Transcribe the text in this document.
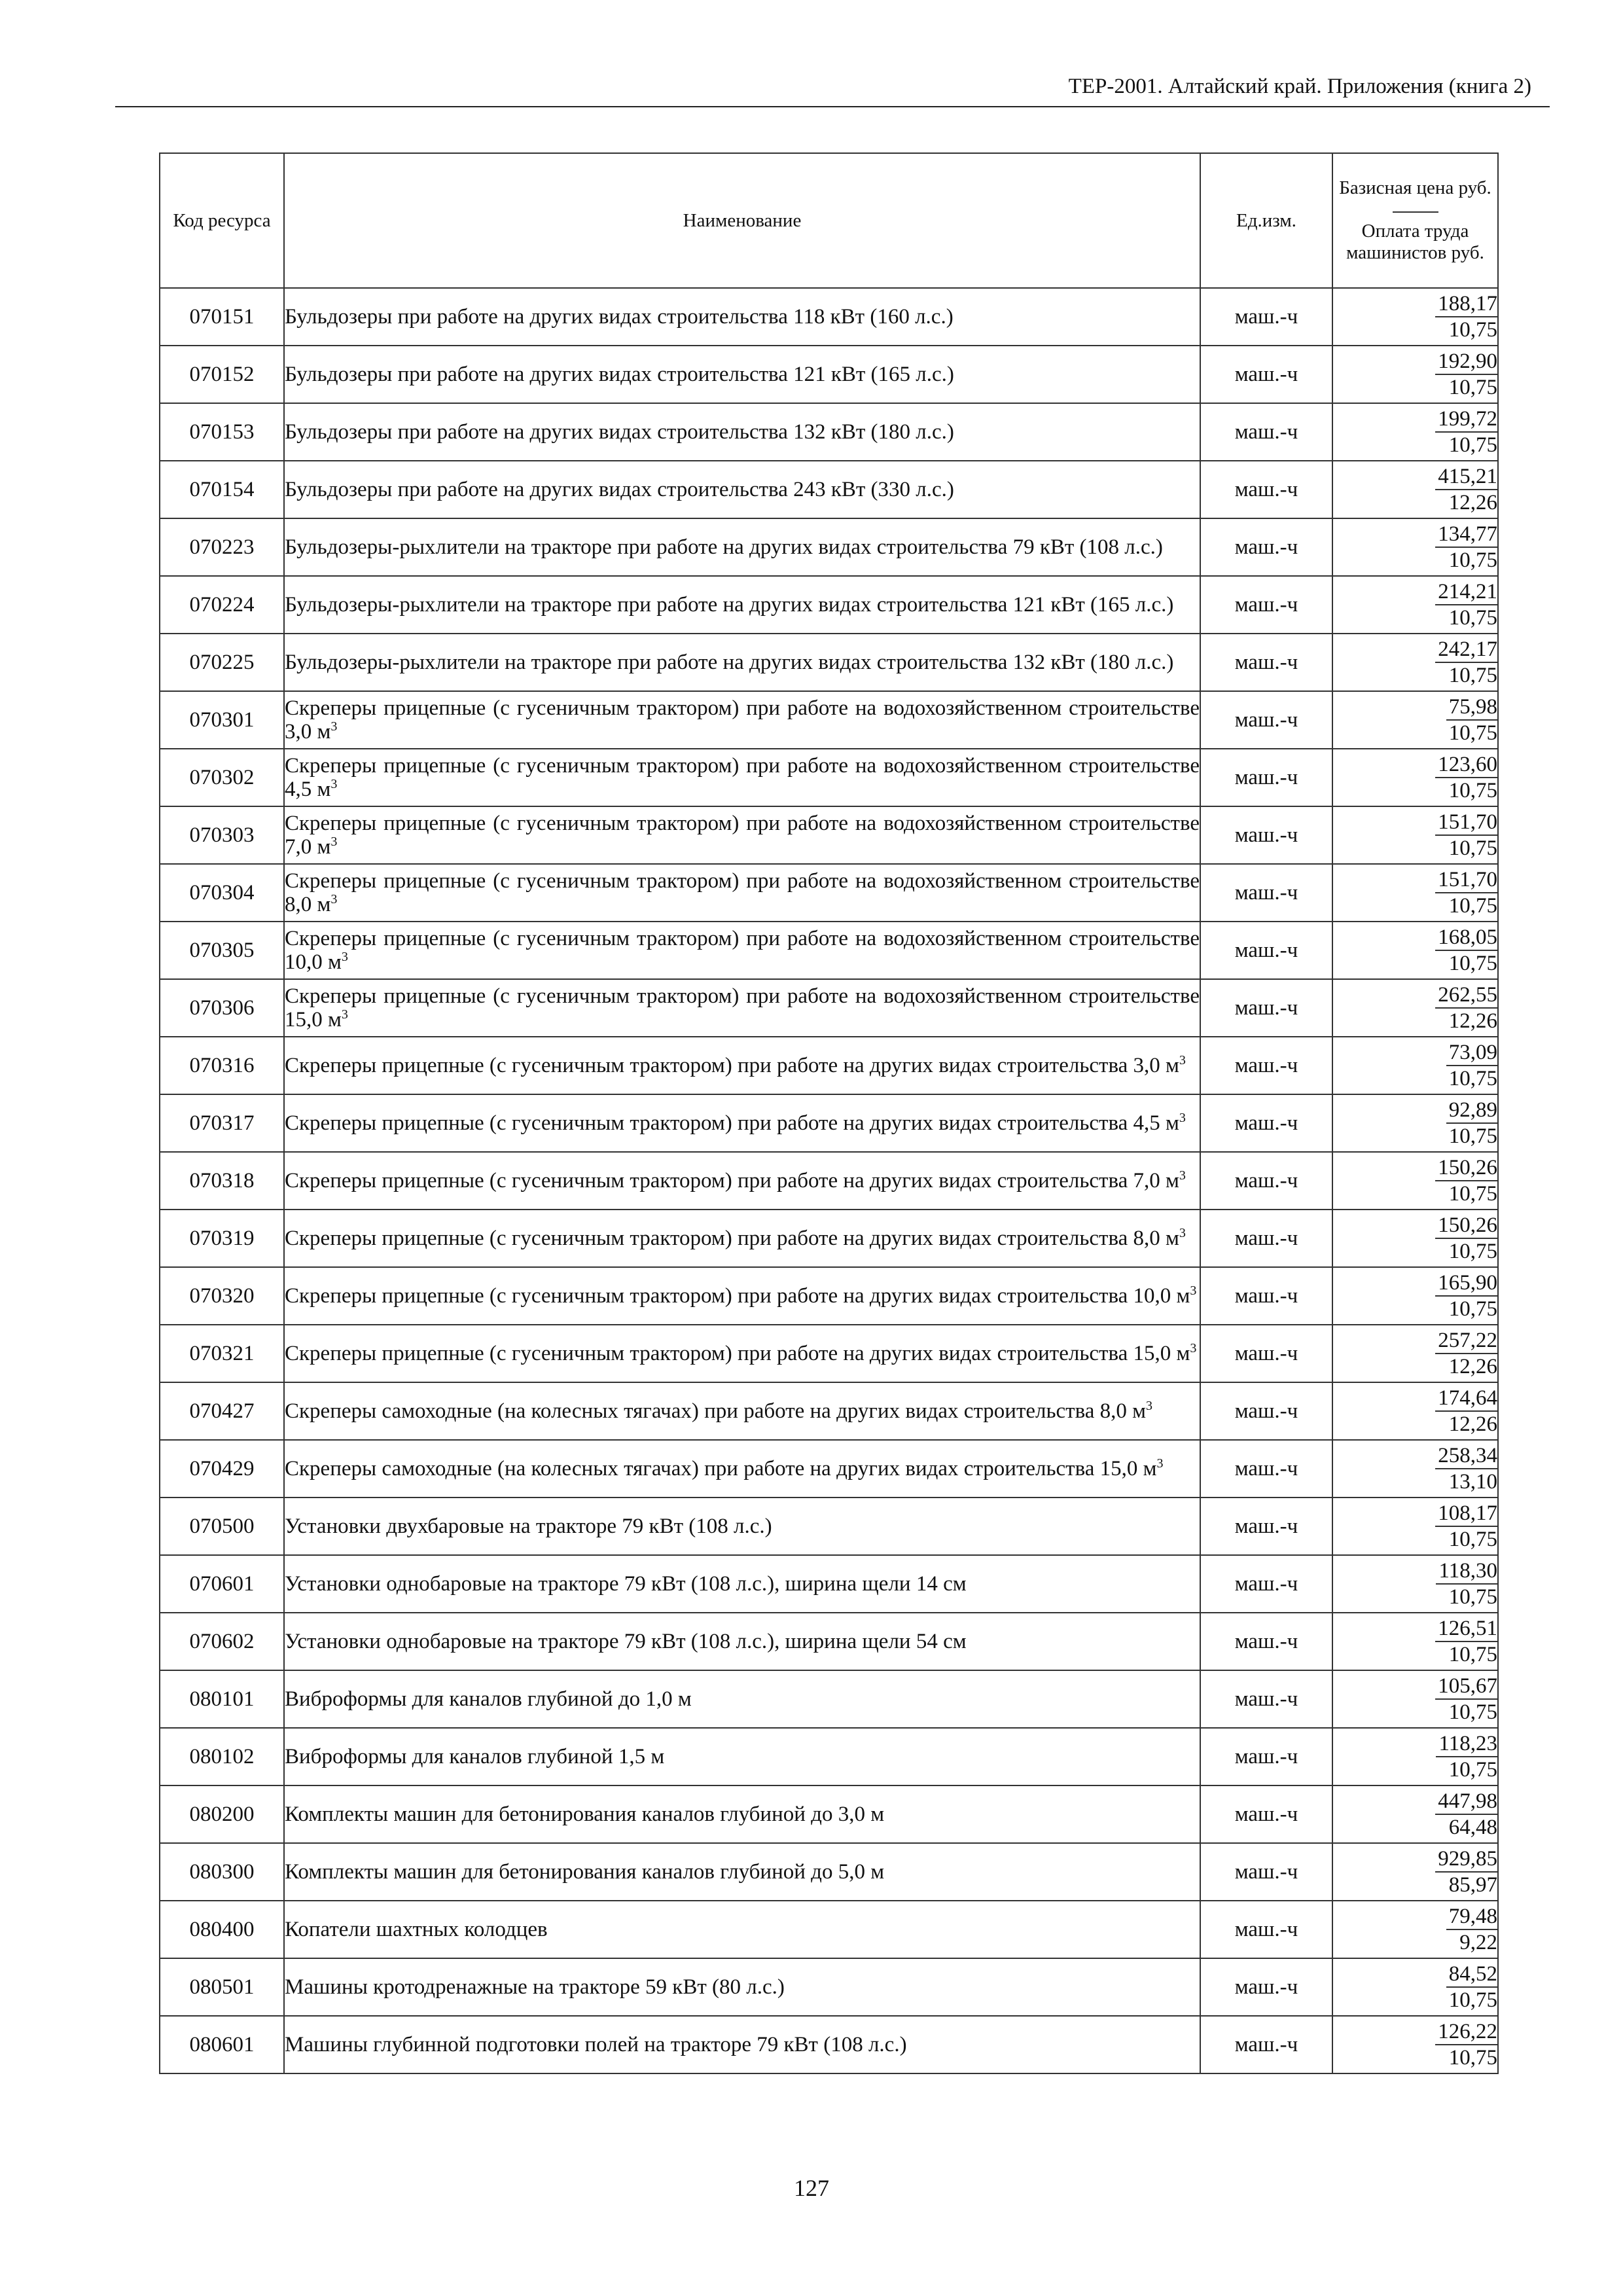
ТЕР-2001. Алтайский край. Приложения (книга 2)
Код ресурса	Наименование	Ед.изм.	Базисная цена руб.
Оплата труда машинистов руб.

070151	Бульдозеры при работе на других видах строительства 118 кВт (160 л.с.)	маш.-ч	$\frac{188,17}{10,75}$

070152	Бульдозеры при работе на других видах строительства 121 кВт (165 л.с.)	маш.-ч	$\frac{192,90}{10,75}$

070153	Бульдозеры при работе на других видах строительства 132 кВт (180 л.с.)	маш.-ч	$\frac{199,72}{10,75}$

070154	Бульдозеры при работе на других видах строительства 243 кВт (330 л.с.)	маш.-ч	$\frac{415,21}{12,26}$

070223	Бульдозеры-рыхлители на тракторе при работе на других видах строительства 79 кВт (108 л.с.)	маш.-ч	$\frac{134,77}{10,75}$

070224	Бульдозеры-рыхлители на тракторе при работе на других видах строительства 121 кВт (165 л.с.)	маш.-ч	$\frac{214,21}{10,75}$

070225	Бульдозеры-рыхлители на тракторе при работе на других видах строительства 132 кВт (180 л.с.)	маш.-ч	$\frac{242,17}{10,75}$

070301	Скреперы прицепные (с гусеничным трактором) при работе на водохозяйственном строительстве 3,0 $м^3$	маш.-ч	$\frac{75,98}{10,75}$

070302	Скреперы прицепные (с гусеничным трактором) при работе на водохозяйственном строительстве 4,5 $м^3$	маш.-ч	$\frac{123,60}{10,75}$

070303	Скреперы прицепные (с гусеничным трактором) при работе на водохозяйственном строительстве 7,0 $м^3$	маш.-ч	$\frac{151,70}{10,75}$

070304	Скреперы прицепные (с гусеничным трактором) при работе на водохозяйственном строительстве 8,0 $м^3$	маш.-ч	$\frac{151,70}{10,75}$

070305	Скреперы прицепные (с гусеничным трактором) при работе на водохозяйственном строительстве 10,0 $м^3$	маш.-ч	$\frac{168,05}{10,75}$

070306	Скреперы прицепные (с гусеничным трактором) при работе на водохозяйственном строительстве 15,0 $м^3$	маш.-ч	$\frac{262,55}{12,26}$

070316	Скреперы прицепные (с гусеничным трактором) при работе на других видах строительства 3,0 $м^3$	маш.-ч	$\frac{73,09}{10,75}$

070317	Скреперы прицепные (с гусеничным трактором) при работе на других видах строительства 4,5 $м^3$	маш.-ч	$\frac{92,89}{10,75}$

070318	Скреперы прицепные (с гусеничным трактором) при работе на других видах строительства 7,0 $м^3$	маш.-ч	$\frac{150,26}{10,75}$

070319	Скреперы прицепные (с гусеничным трактором) при работе на других видах строительства 8,0 $м^3$	маш.-ч	$\frac{150,26}{10,75}$

070320	Скреперы прицепные (с гусеничным трактором) при работе на других видах строительства 10,0 $м^3$	маш.-ч	$\frac{165,90}{10,75}$

070321	Скреперы прицепные (с гусеничным трактором) при работе на других видах строительства 15,0 $м^3$	маш.-ч	$\frac{257,22}{12,26}$

070427	Скреперы самоходные (на колесных тягачах) при работе на других видах строительства 8,0 $м^3$	маш.-ч	$\frac{174,64}{12,26}$

070429	Скреперы самоходные (на колесных тягачах) при работе на других видах строительства 15,0 $м^3$	маш.-ч	$\frac{258,34}{13,10}$

070500	Установки двухбаровые на тракторе 79 кВт (108 л.с.)	маш.-ч	$\frac{108,17}{10,75}$

070601	Установки однобаровые на тракторе 79 кВт (108 л.с.), ширина щели 14 см	маш.-ч	$\frac{118,30}{10,75}$

070602	Установки однобаровые на тракторе 79 кВт (108 л.с.), ширина щели 54 см	маш.-ч	$\frac{126,51}{10,75}$

080101	Виброформы для каналов глубиной до 1,0 м	маш.-ч	$\frac{105,67}{10,75}$

080102	Виброформы для каналов глубиной 1,5 м	маш.-ч	$\frac{118,23}{10,75}$

080200	Комплекты машин для бетонирования каналов глубиной до 3,0 м	маш.-ч	$\frac{447,98}{64,48}$

080300	Комплекты машин для бетонирования каналов глубиной до 5,0 м	маш.-ч	$\frac{929,85}{85,97}$

080400	Копатели шахтных колодцев	маш.-ч	$\frac{79,48}{9,22}$

080501	Машины кротодренажные на тракторе 59 кВт (80 л.с.)	маш.-ч	$\frac{84,52}{10,75}$

080601	Машины глубинной подготовки полей на тракторе 79 кВт (108 л.с.)	маш.-ч	$\frac{126,22}{10,75}$
127
